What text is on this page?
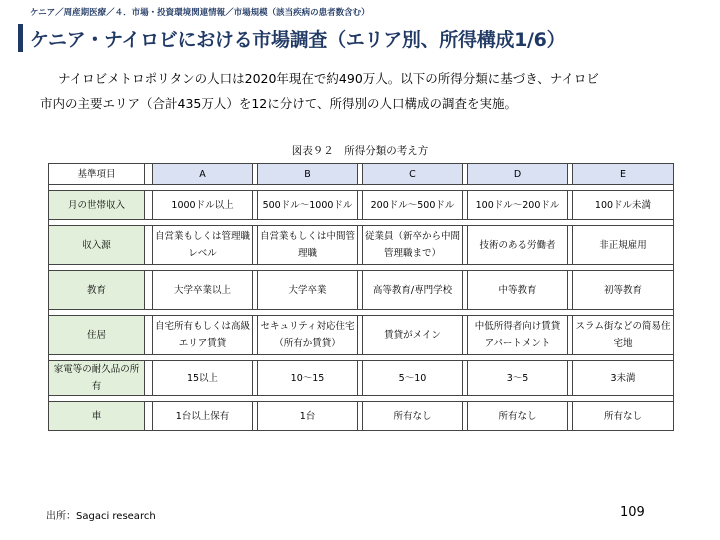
ケニア／周産期医療／４．市場・投資環境関連情報／市場規模（該当疾病の患者数含む）
ケニア・ナイロビにおける市場調査（エリア別、所得構成1/6）

ナイロビメトロポリタンの人口は2020年現在で約490万人。以下の所得分類に基づき、ナイロビ

市内の主要エリア（合計435万人）を12に分けて、所得別の人口構成の調査を実施。

図表９２　所得分類の考え方
基準項目		A		B		C		D		E

月の世帯収入		1000ドル以上		500ドル～1000ドル		200ドル～500ドル		100ドル～200ドル		100ドル未満

収入源		自営業もしくは管理職レベル		自営業もしくは中間管理職		従業員（新卒から中間管理職まで）		技術のある労働者		非正規雇用

教育		大学卒業以上		大学卒業		高等教育/専門学校		中等教育		初等教育

住居		自宅所有もしくは高級エリア賃貸		セキュリティ対応住宅（所有か賃貸）		賃貸がメイン		中低所得者向け賃貸アパートメント		スラム街などの简易住宅地

家電等の耐久品の所有		15以上		10～15		5～10		3～5		3未満

車		1台以上保有		1台		所有なし		所有なし		所有なし
出所：Sagaci research	109
